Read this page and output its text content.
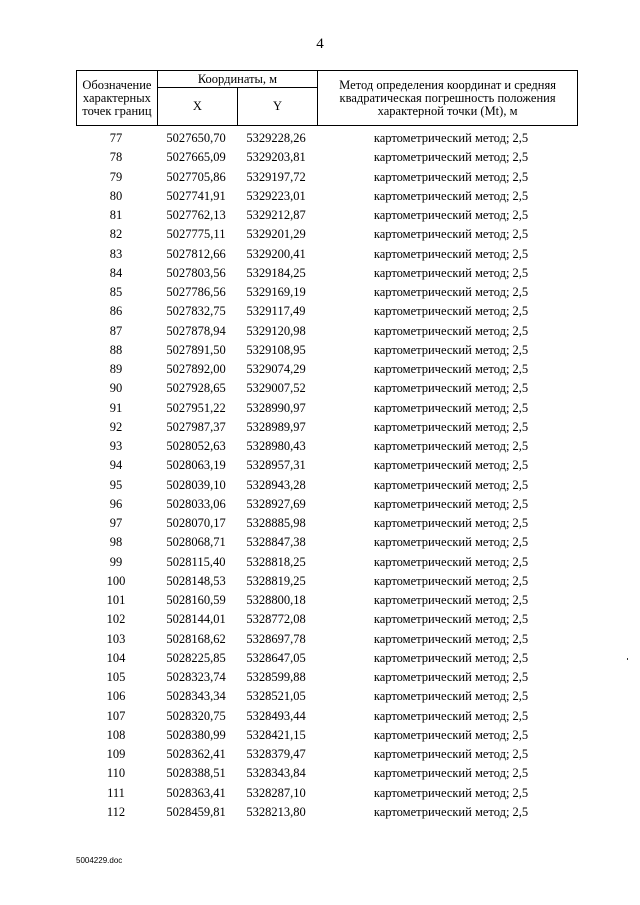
4
Обозначение характерных точек границ	Координаты, м		Метод определения координат и средняя квадратическая погрешность положения характерной точки (Mt), м
	X	Y	
77	5027650,70	5329228,26	картометрический метод; 2,5
78	5027665,09	5329203,81	картометрический метод; 2,5
79	5027705,86	5329197,72	картометрический метод; 2,5
80	5027741,91	5329223,01	картометрический метод; 2,5
81	5027762,13	5329212,87	картометрический метод; 2,5
82	5027775,11	5329201,29	картометрический метод; 2,5
83	5027812,66	5329200,41	картометрический метод; 2,5
84	5027803,56	5329184,25	картометрический метод; 2,5
85	5027786,56	5329169,19	картометрический метод; 2,5
86	5027832,75	5329117,49	картометрический метод; 2,5
87	5027878,94	5329120,98	картометрический метод; 2,5
88	5027891,50	5329108,95	картометрический метод; 2,5
89	5027892,00	5329074,29	картометрический метод; 2,5
90	5027928,65	5329007,52	картометрический метод; 2,5
91	5027951,22	5328990,97	картометрический метод; 2,5
92	5027987,37	5328989,97	картометрический метод; 2,5
93	5028052,63	5328980,43	картометрический метод; 2,5
94	5028063,19	5328957,31	картометрический метод; 2,5
95	5028039,10	5328943,28	картометрический метод; 2,5
96	5028033,06	5328927,69	картометрический метод; 2,5
97	5028070,17	5328885,98	картометрический метод; 2,5
98	5028068,71	5328847,38	картометрический метод; 2,5
99	5028115,40	5328818,25	картометрический метод; 2,5
100	5028148,53	5328819,25	картометрический метод; 2,5
101	5028160,59	5328800,18	картометрический метод; 2,5
102	5028144,01	5328772,08	картометрический метод; 2,5
103	5028168,62	5328697,78	картометрический метод; 2,5
104	5028225,85	5328647,05	картометрический метод; 2,5
105	5028323,74	5328599,88	картометрический метод; 2,5
106	5028343,34	5328521,05	картометрический метод; 2,5
107	5028320,75	5328493,44	картометрический метод; 2,5
108	5028380,99	5328421,15	картометрический метод; 2,5
109	5028362,41	5328379,47	картометрический метод; 2,5
110	5028388,51	5328343,84	картометрический метод; 2,5
111	5028363,41	5328287,10	картометрический метод; 2,5
112	5028459,81	5328213,80	картометрический метод; 2,5
5004229.doc
